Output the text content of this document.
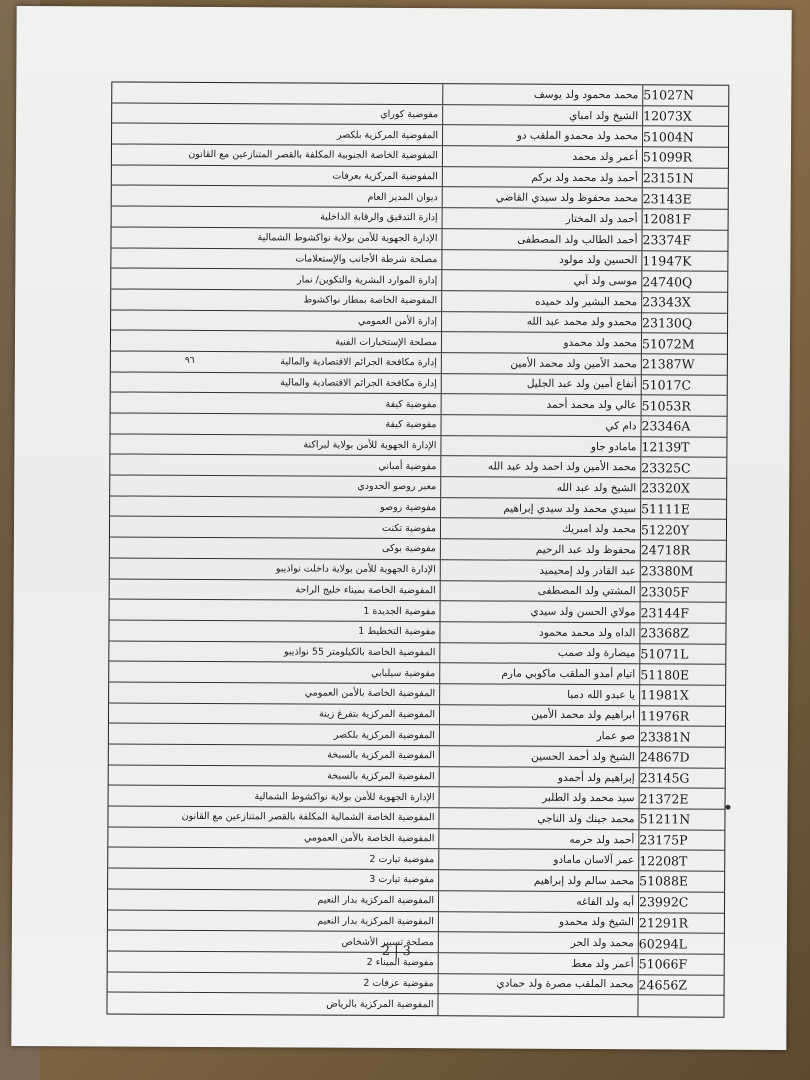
51027N
محمد محمود ولد يوسف
12073X
الشيخ ولد امباي
مفوضية كوراي
51004N
محمد ولد محمدو الملقب دو
المفوضية المركزية بلكصر
51099R
أعمر ولد محمد
المفوضية الخاصة الجنوبية المكلفة بالقصر المتنازعين مع القانون
23151N
أحمد ولد محمد ولد بركم
المفوضية المركزية بعرفات
23143E
محمد محفوظ ولد سيدي القاضي
ديوان المدير العام
12081F
أحمد ولد المختار
إدارة التدقيق والرقابة الداخلية
23374F
أحمد الطالب ولد المصطفى
الإدارة الجهوية للأمن بولاية نواكشوط الشمالية
11947K
الحسين ولد مولود
مصلحة شرطة الأجانب والإستعلامات
24740Q
موسى ولد آبي
إدارة الموارد البشرية والتكوين/ نمار
23343X
محمد البشير ولد حميده
المفوضية الخاصة بمطار نواكشوط
23130Q
محمدو ولد محمد عبد الله
إدارة الأمن العمومي
51072M
محمد ولد محمدو
مصلحة الإستخبارات الفنية
21387W
محمد الأمين ولد محمد الأمين
إدارة مكافحة الجرائم الاقتصادية والمالية
51017C
أنفاع أمين ولد عبد الجليل
إدارة مكافحة الجرائم الاقتصادية والمالية
51053R
عالي ولد محمد أحمد
مفوضية كيفة
23346A
دام كي
مفوضية كيفة
12139T
مامادو جاو
الإدارة الجهوية للأمن بولاية لبراكنة
23325C
محمد الأمين ولد احمد ولد عبد الله
مفوضية أمباني
23320X
الشيخ ولد عبد الله
معبر روصو الحدودي
51111E
سيدي محمد ولد سيدي إبراهيم
مفوضية روصو
51220Y
محمد ولد امبريك
مفوضية تكنت
24718R
محفوظ ولد عبد الرحيم
مفوضية بوكى
23380M
عبد القادر ولد إمحيميد
الإدارة الجهوية للأمن بولاية داخلت نواذيبو
23305F
المشتي ولد المصطفى
المفوضية الخاصة بميناء خليج الراحة
23144F
مولاي الحسن ولد سيدي
مفوضية الجديدة 1
23368Z
الداه ولد محمد محمود
مفوضية التخطيط 1
51071L
ميصارة ولد صمب
المفوضية الخاصة بالكيلومتر 55 نواذيبو
51180E
اتيام أمدو الملقب ماكوبي مارم
مفوضية سيلبابي
11981X
يا عبدو الله دمبا
المفوضية الخاصة بالأمن العمومي
11976R
ابراهيم ولد محمد الأمين
المفوضية المركزية بتفرغ زينة
23381N
صو عمار
المفوضية المركزية بلكصر
24867D
الشيخ ولد أحمد الحسين
المفوضية المركزية بالسبخة
23145G
إبراهيم ولد أحمدو
المفوضية المركزية بالسبخة
21372E
سيد محمد ولد الطلبر
الإدارة الجهوية للأمن بولاية نواكشوط الشمالية
51211N
محمد جينك ولد الناجي
المفوضية الخاصة الشمالية المكلفة بالقصر المتنازعين مع القانون
23175P
أحمد ولد حرمه
المفوضية الخاصة بالأمن العمومي
12208T
عمر آلاسان مامادو
مفوضية تيارت 2
51088E
محمد سالم ولد إبراهيم
مفوضية تيارت 3
23992C
أبه ولد الفاغه
المفوضية المركزية بدار النعيم
21291R
الشيخ ولد محمدو
المفوضية المركزية بدار النعيم
60294L
محمد ولد الحر
مصلحة تسيير الأشخاص
51066F
أعمر ولد معط
مفوضية الميناء 2
24656Z
محمد الملقب مصرة ولد حمادي
مفوضية عرفات 2
المفوضية المركزية بالرياض
٩٦
2 | 3
